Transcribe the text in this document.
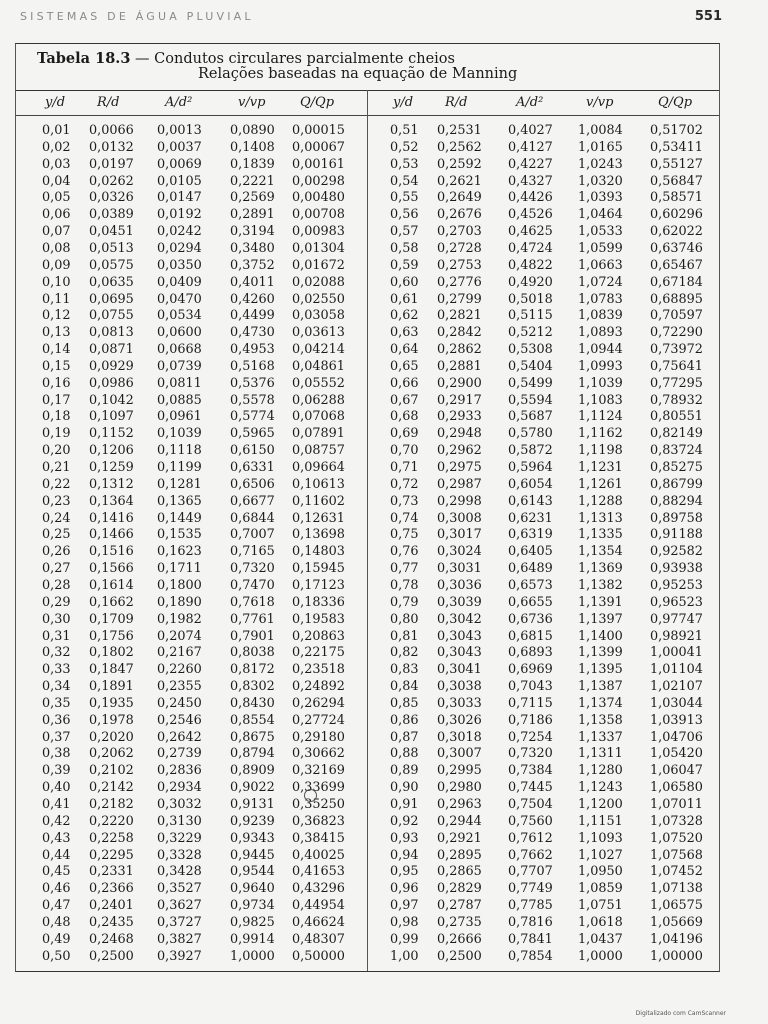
SISTEMAS DE ÁGUA PLUVIAL	551
Tabela 18.3 — Condutos circulares parcialmente cheios
Relações baseadas na equação de Manning
y/d R/d	A/d²	v/vp	Q/Qp	y/d R/d	A/d²	v/vp	Q/Qp
0,01 0,0066 0,0013 0,0890 0,00015
0,02 0,0132 0,0037 0,1408 0,00067
0,03 0,0197 0,0069 0,1839 0,00161
0,04 0,0262 0,0105 0,2221 0,00298
0,05 0,0326 0,0147 0,2569 0,00480
0,06 0,0389 0,0192 0,2891 0,00708
0,07 0,0451 0,0242 0,3194 0,00983
0,08 0,0513 0,0294 0,3480 0,01304
0,09 0,0575 0,0350 0,3752 0,01672
0,10 0,0635 0,0409 0,4011 0,02088
0,11 0,0695 0,0470 0,4260 0,02550
0,12 0,0755 0,0534 0,4499 0,03058
0,13 0,0813 0,0600 0,4730 0,03613
0,14 0,0871 0,0668 0,4953 0,04214
0,15 0,0929 0,0739 0,5168 0,04861
0,16 0,0986 0,0811 0,5376 0,05552
0,17 0,1042 0,0885 0,5578 0,06288
0,18 0,1097 0,0961 0,5774 0,07068
0,19 0,1152 0,1039 0,5965 0,07891
0,20 0,1206 0,1118 0,6150 0,08757
0,21 0,1259 0,1199 0,6331 0,09664
0,22 0,1312 0,1281 0,6506 0,10613
0,23 0,1364 0,1365 0,6677 0,11602
0,24 0,1416 0,1449 0,6844 0,12631
0,25 0,1466 0,1535 0,7007 0,13698
0,26 0,1516 0,1623 0,7165 0,14803
0,27 0,1566 0,1711 0,7320 0,15945
0,28 0,1614 0,1800 0,7470 0,17123
0,29 0,1662 0,1890 0,7618 0,18336
0,30 0,1709 0,1982 0,7761 0,19583
0,31 0,1756 0,2074 0,7901 0,20863
0,32 0,1802 0,2167 0,8038 0,22175
0,33 0,1847 0,2260 0,8172 0,23518
0,34 0,1891 0,2355 0,8302 0,24892
0,35 0,1935 0,2450 0,8430 0,26294
0,36 0,1978 0,2546 0,8554 0,27724
0,37 0,2020 0,2642 0,8675 0,29180
0,38 0,2062 0,2739 0,8794 0,30662
0,39 0,2102 0,2836 0,8909 0,32169
0,40 0,2142 0,2934 0,9022 0,33699
0,41 0,2182 0,3032 0,9131 0,35250
0,42 0,2220 0,3130 0,9239 0,36823
0,43 0,2258 0,3229 0,9343 0,38415
0,44 0,2295 0,3328 0,9445 0,40025
0,45 0,2331 0,3428 0,9544 0,41653
0,46 0,2366 0,3527 0,9640 0,43296
0,47 0,2401 0,3627 0,9734 0,44954
0,48 0,2435 0,3727 0,9825 0,46624
0,49 0,2468 0,3827 0,9914 0,48307
0,50 0,2500 0,3927 1,0000 0,50000
0,51 0,2531 0,4027 1,0084 0,51702
0,52 0,2562 0,4127 1,0165 0,53411
0,53 0,2592 0,4227 1,0243 0,55127
0,54 0,2621 0,4327 1,0320 0,56847
0,55 0,2649 0,4426 1,0393 0,58571
0,56 0,2676 0,4526 1,0464 0,60296
0,57 0,2703 0,4625 1,0533 0,62022
0,58 0,2728 0,4724 1,0599 0,63746
0,59 0,2753 0,4822 1,0663 0,65467
0,60 0,2776 0,4920 1,0724 0,67184
0,61 0,2799 0,5018 1,0783 0,68895
0,62 0,2821 0,5115 1,0839 0,70597
0,63 0,2842 0,5212 1,0893 0,72290
0,64 0,2862 0,5308 1,0944 0,73972
0,65 0,2881 0,5404 1,0993 0,75641
0,66 0,2900 0,5499 1,1039 0,77295
0,67 0,2917 0,5594 1,1083 0,78932
0,68 0,2933 0,5687 1,1124 0,80551
0,69 0,2948 0,5780 1,1162 0,82149
0,70 0,2962 0,5872 1,1198 0,83724
0,71 0,2975 0,5964 1,1231 0,85275
0,72 0,2987 0,6054 1,1261 0,86799
0,73 0,2998 0,6143 1,1288 0,88294
0,74 0,3008 0,6231 1,1313 0,89758
0,75 0,3017 0,6319 1,1335 0,91188
0,76 0,3024 0,6405 1,1354 0,92582
0,77 0,3031 0,6489 1,1369 0,93938
0,78 0,3036 0,6573 1,1382 0,95253
0,79 0,3039 0,6655 1,1391 0,96523
0,80 0,3042 0,6736 1,1397 0,97747
0,81 0,3043 0,6815 1,1400 0,98921
0,82 0,3043 0,6893 1,1399 1,00041
0,83 0,3041 0,6969 1,1395 1,01104
0,84 0,3038 0,7043 1,1387 1,02107
0,85 0,3033 0,7115 1,1374 1,03044
0,86 0,3026 0,7186 1,1358 1,03913
0,87 0,3018 0,7254 1,1337 1,04706
0,88 0,3007 0,7320 1,1311 1,05420
0,89 0,2995 0,7384 1,1280 1,06047
0,90 0,2980 0,7445 1,1243 1,06580
0,91 0,2963 0,7504 1,1200 1,07011
0,92 0,2944 0,7560 1,1151 1,07328
0,93 0,2921 0,7612 1,1093 1,07520
0,94 0,2895 0,7662 1,1027 1,07568
0,95 0,2865 0,7707 1,0950 1,07452
0,96 0,2829 0,7749 1,0859 1,07138
0,97 0,2787 0,7785 1,0751 1,06575
0,98 0,2735 0,7816 1,0618 1,05669
0,99 0,2666 0,7841 1,0437 1,04196
1,00 0,2500 0,7854 1,0000 1,00000
Digitalizado com CamScanner
